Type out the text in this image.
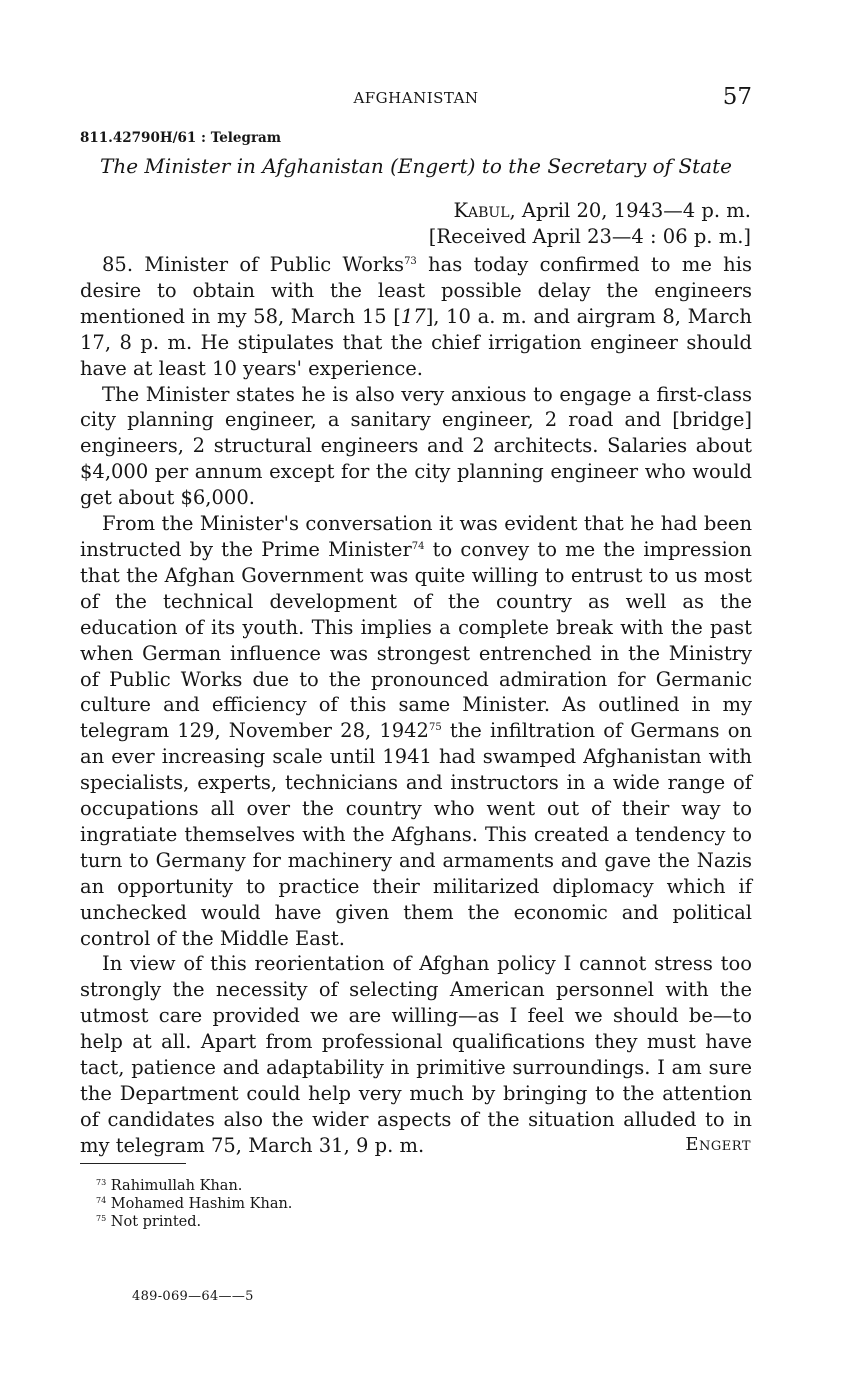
AFGHANISTAN	57
811.42790H/61 : Telegram
The Minister in Afghanistan (Engert) to the Secretary of State
Kabul, April 20, 1943—4 p. m.
[Received April 23—4 : 06 p. m.]

85. Minister of Public Works$^{73}$ has today confirmed to me his desire to obtain with the least possible delay the engineers mentioned in my 58, March 15 [17], 10 a. m. and airgram 8, March 17, 8 p. m. He stipulates that the chief irrigation engineer should have at least 10 years' experience.

The Minister states he is also very anxious to engage a first-class city planning engineer, a sanitary engineer, 2 road and [bridge] engineers, 2 structural engineers and 2 architects. Salaries about $4,000 per annum except for the city planning engineer who would get about $6,000.

From the Minister's conversation it was evident that he had been instructed by the Prime Minister$^{74}$ to convey to me the impression that the Afghan Government was quite willing to entrust to us most of the technical development of the country as well as the education of its youth. This implies a complete break with the past when German influence was strongest entrenched in the Ministry of Public Works due to the pronounced admiration for Germanic culture and efficiency of this same Minister. As outlined in my telegram 129, November 28, 1942$^{75}$ the infiltration of Germans on an ever increasing scale until 1941 had swamped Afghanistan with specialists, experts, technicians and instructors in a wide range of occupations all over the country who went out of their way to ingratiate themselves with the Afghans. This created a tendency to turn to Germany for machinery and armaments and gave the Nazis an opportunity to practice their militarized diplomacy which if unchecked would have given them the economic and political control of the Middle East.

In view of this reorientation of Afghan policy I cannot stress too strongly the necessity of selecting American personnel with the utmost care provided we are willing—as I feel we should be—to help at all. Apart from professional qualifications they must have tact, patience and adaptability in primitive surroundings. I am sure the Department could help very much by bringing to the attention of candidates also the wider aspects of the situation alluded to in my telegram 75, March 31, 9 p. m.	Engert
$^{73}$ Rahimullah Khan.
$^{74}$ Mohamed Hashim Khan.
$^{75}$ Not printed.
489-069—64——5
